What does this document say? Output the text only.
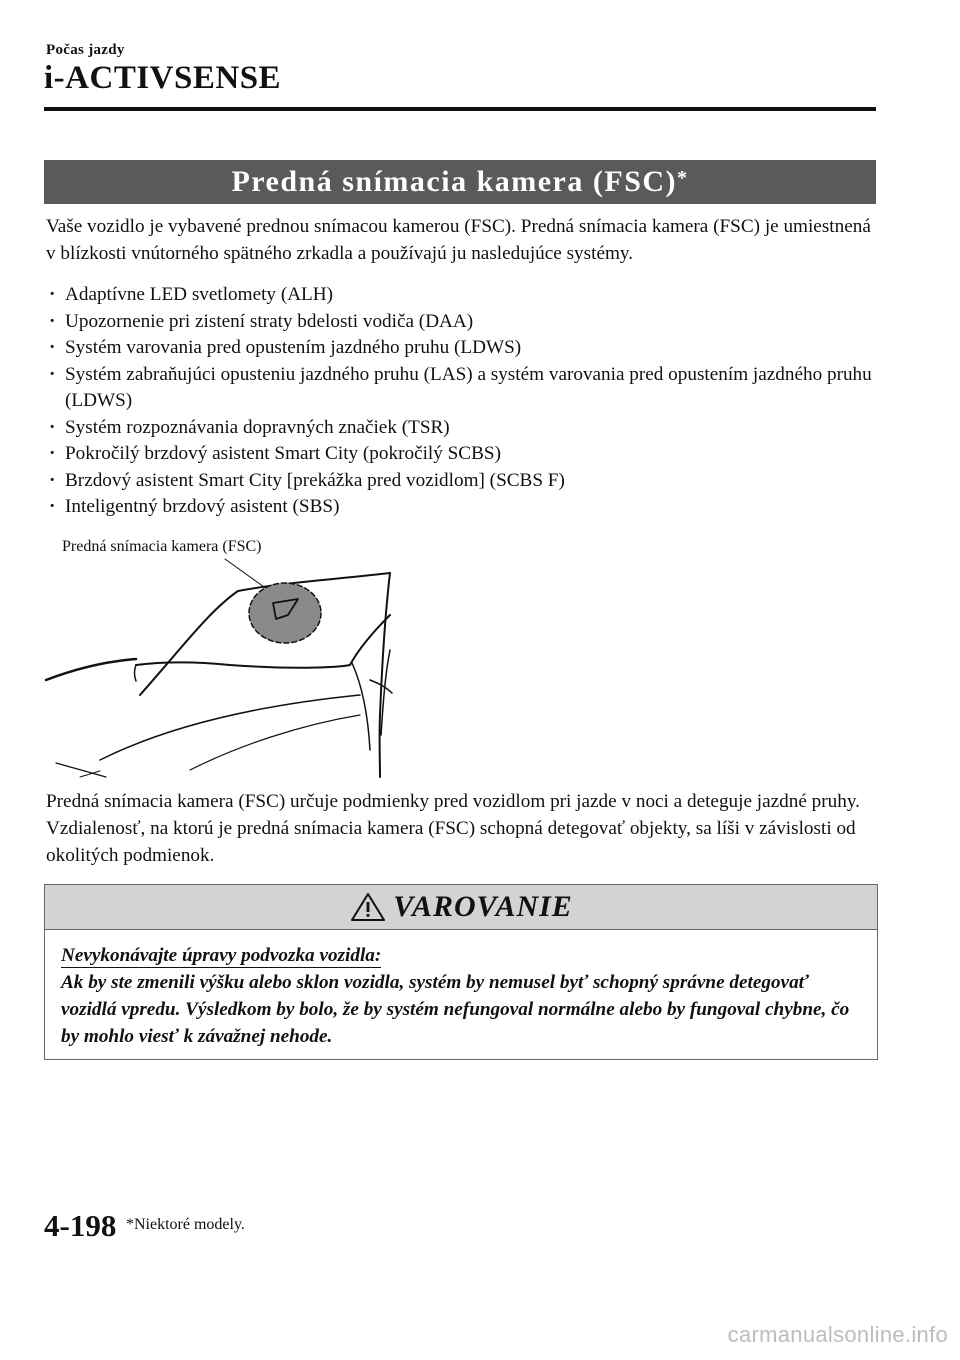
Počas jazdy
i-ACTIVSENSE
Predná snímacia kamera (FSC)*

Vaše vozidlo je vybavené prednou snímacou kamerou (FSC). Predná snímacia kamera (FSC) je umiestnená v blízkosti vnútorného spätného zrkadla a používajú ju nasledujúce systémy.

· Adaptívne LED svetlomety (ALH)
· Upozornenie pri zistení straty bdelosti vodiča (DAA)
· Systém varovania pred opustením jazdného pruhu (LDWS)
· Systém zabraňujúci opusteniu jazdného pruhu (LAS) a systém varovania pred opustením jazdného pruhu (LDWS)
· Systém rozpoznávania dopravných značiek (TSR)
· Pokročilý brzdový asistent Smart City (pokročilý SCBS)
· Brzdový asistent Smart City [prekážka pred vozidlom] (SCBS F)
· Inteligentný brzdový asistent (SBS)
Predná snímacia kamera (FSC)

Predná snímacia kamera (FSC) určuje podmienky pred vozidlom pri jazde v noci a deteguje jazdné pruhy. Vzdialenosť, na ktorú je predná snímacia kamera (FSC) schopná detegovať objekty, sa líši v závislosti od okolitých podmienok.

VAROVANIE
Nevykonávajte úpravy podvozka vozidla:
Ak by ste zmenili výšku alebo sklon vozidla, systém by nemusel byť schopný správne detegovať vozidlá vpredu. Výsledkom by bolo, že by systém nefungoval normálne alebo by fungoval chybne, čo by mohlo viesť k závažnej nehode.
4-198 *Niektoré modely.
carmanualsonline.info
